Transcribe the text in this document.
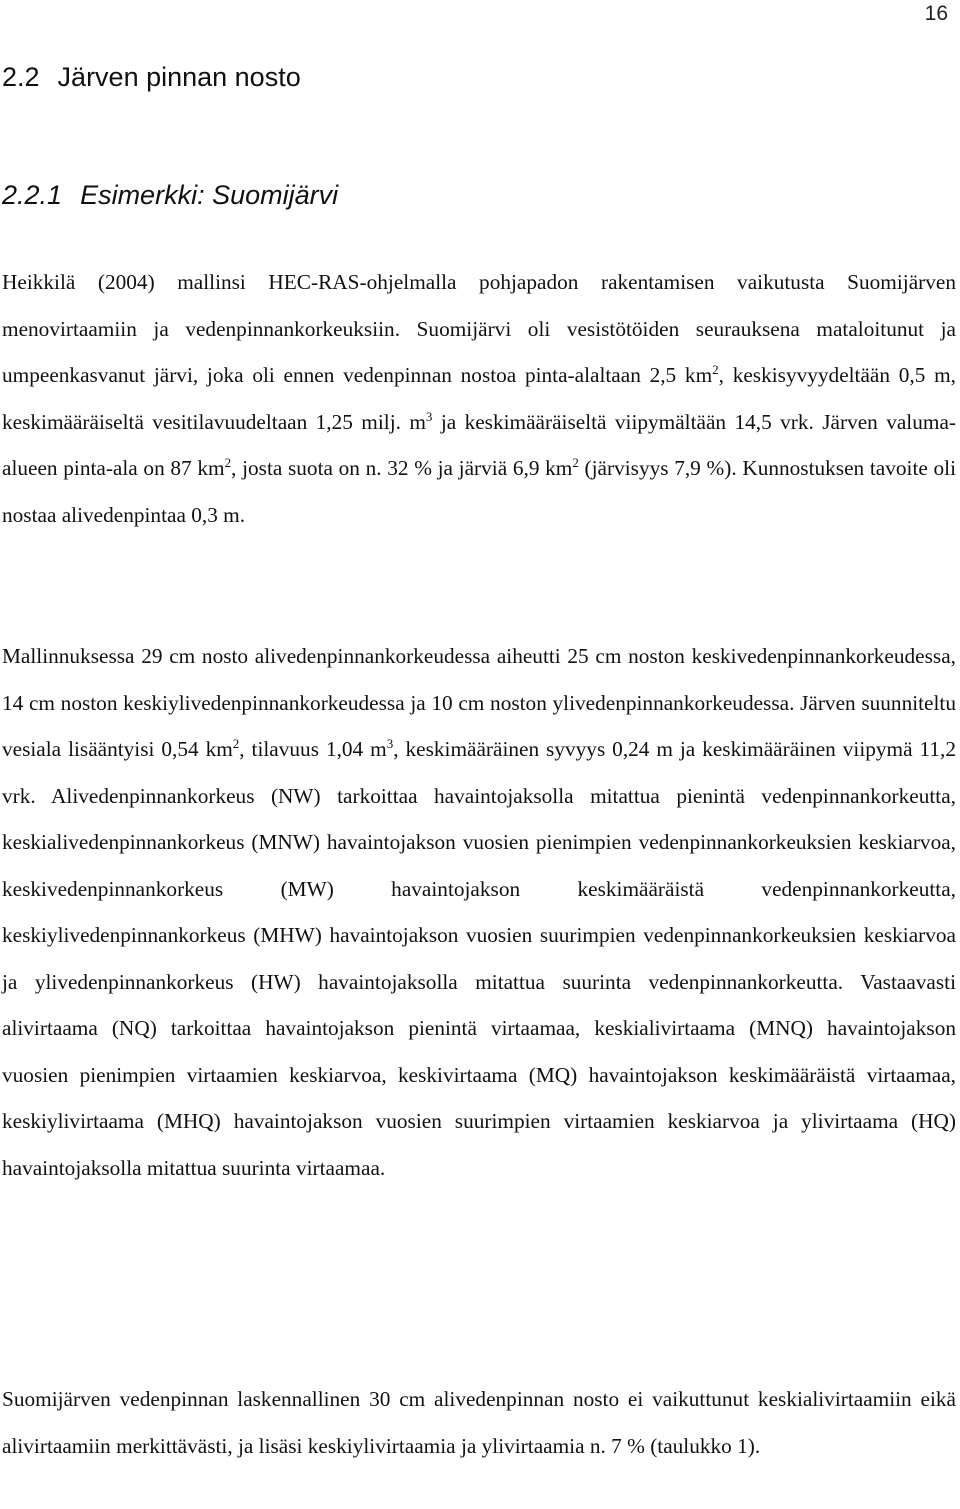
16
2.2 Järven pinnan nosto
2.2.1 Esimerkki: Suomijärvi

Heikkilä (2004) mallinsi HEC-RAS-ohjelmalla pohjapadon rakentamisen vaikutusta Suomijärven menovirtaamiin ja vedenpinnankorkeuksiin. Suomijärvi oli vesistötöiden seurauksena mataloitunut ja umpeenkasvanut järvi, joka oli ennen vedenpinnan nostoa pinta-alaltaan 2,5 $km^2$, keskisyvyydeltään 0,5 m, keskimääräiseltä vesitilavuudeltaan 1,25 milj. $m^3$ ja keskimääräiseltä viipymältään 14,5 vrk. Järven valuma-alueen pinta-ala on 87 $km^2$, josta suota on n. 32 % ja järviä 6,9 $km^2$ (järvisyys 7,9 %). Kunnostuksen tavoite oli nostaa alivedenpintaa 0,3 m.

Mallinnuksessa 29 cm nosto alivedenpinnankorkeudessa aiheutti 25 cm noston keskivedenpinnankorkeudessa, 14 cm noston keskiylivedenpinnankorkeudessa ja 10 cm noston ylivedenpinnankorkeudessa. Järven suunniteltu vesiala lisääntyisi 0,54 $km^2$, tilavuus 1,04 $m^3$, keskimääräinen syvyys 0,24 m ja keskimääräinen viipymä 11,2 vrk. Alivedenpinnankorkeus (NW) tarkoittaa havaintojaksolla mitattua pienintä vedenpinnankorkeutta, keskialivedenpinnankorkeus (MNW) havaintojakson vuosien pienimpien vedenpinnankorkeuksien keskiarvoa, keskivedenpinnankorkeus (MW) havaintojakson keskimääräistä vedenpinnankorkeutta, keskiylivedenpinnankorkeus (MHW) havaintojakson vuosien suurimpien vedenpinnankorkeuksien keskiarvoa ja ylivedenpinnankorkeus (HW) havaintojaksolla mitattua suurinta vedenpinnankorkeutta. Vastaavasti alivirtaama (NQ) tarkoittaa havaintojakson pienintä virtaamaa, keskialivirtaama (MNQ) havaintojakson vuosien pienimpien virtaamien keskiarvoa, keskivirtaama (MQ) havaintojakson keskimääräistä virtaamaa, keskiylivirtaama (MHQ) havaintojakson vuosien suurimpien virtaamien keskiarvoa ja ylivirtaama (HQ) havaintojaksolla mitattua suurinta virtaamaa.

Suomijärven vedenpinnan laskennallinen 30 cm alivedenpinnan nosto ei vaikuttunut keskialivirtaamiin eikä alivirtaamiin merkittävästi, ja lisäsi keskiylivirtaamia ja ylivirtaamia n. 7 % (taulukko 1).
